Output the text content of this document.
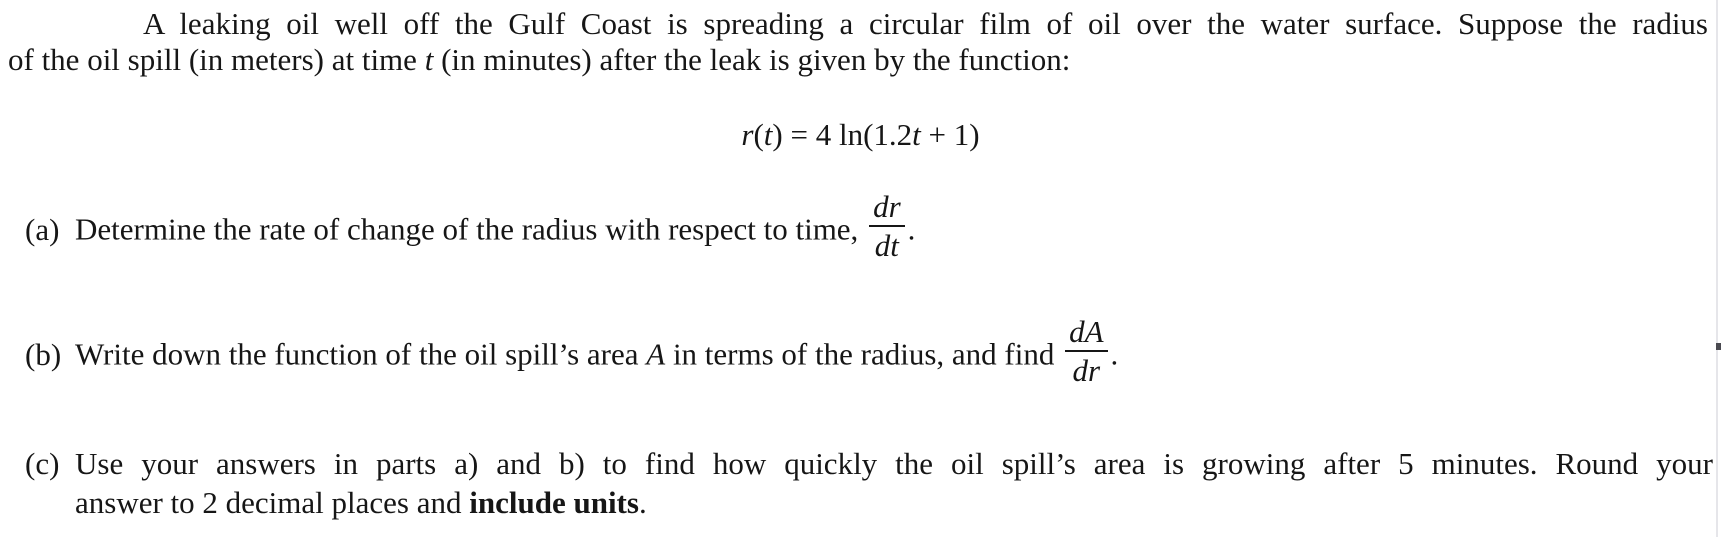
A leaking oil well off the Gulf Coast is spreading a circular film of oil over the water surface. Suppose the radius
of the oil spill (in meters) at time t (in minutes) after the leak is given by the function:
r(t) = 4 ln(1.2t + 1)
(a) Determine the rate of change of the radius with respect to time, $\frac{dr}{dt}$ .
(b) Write down the function of the oil spill’s area A in terms of the radius, and find $\frac{dA}{dr}$ .
(c) Use your answers in parts a) and b) to find how quickly the oil spill’s area is growing after 5 minutes. Round your
answer to 2 decimal places and include units.
